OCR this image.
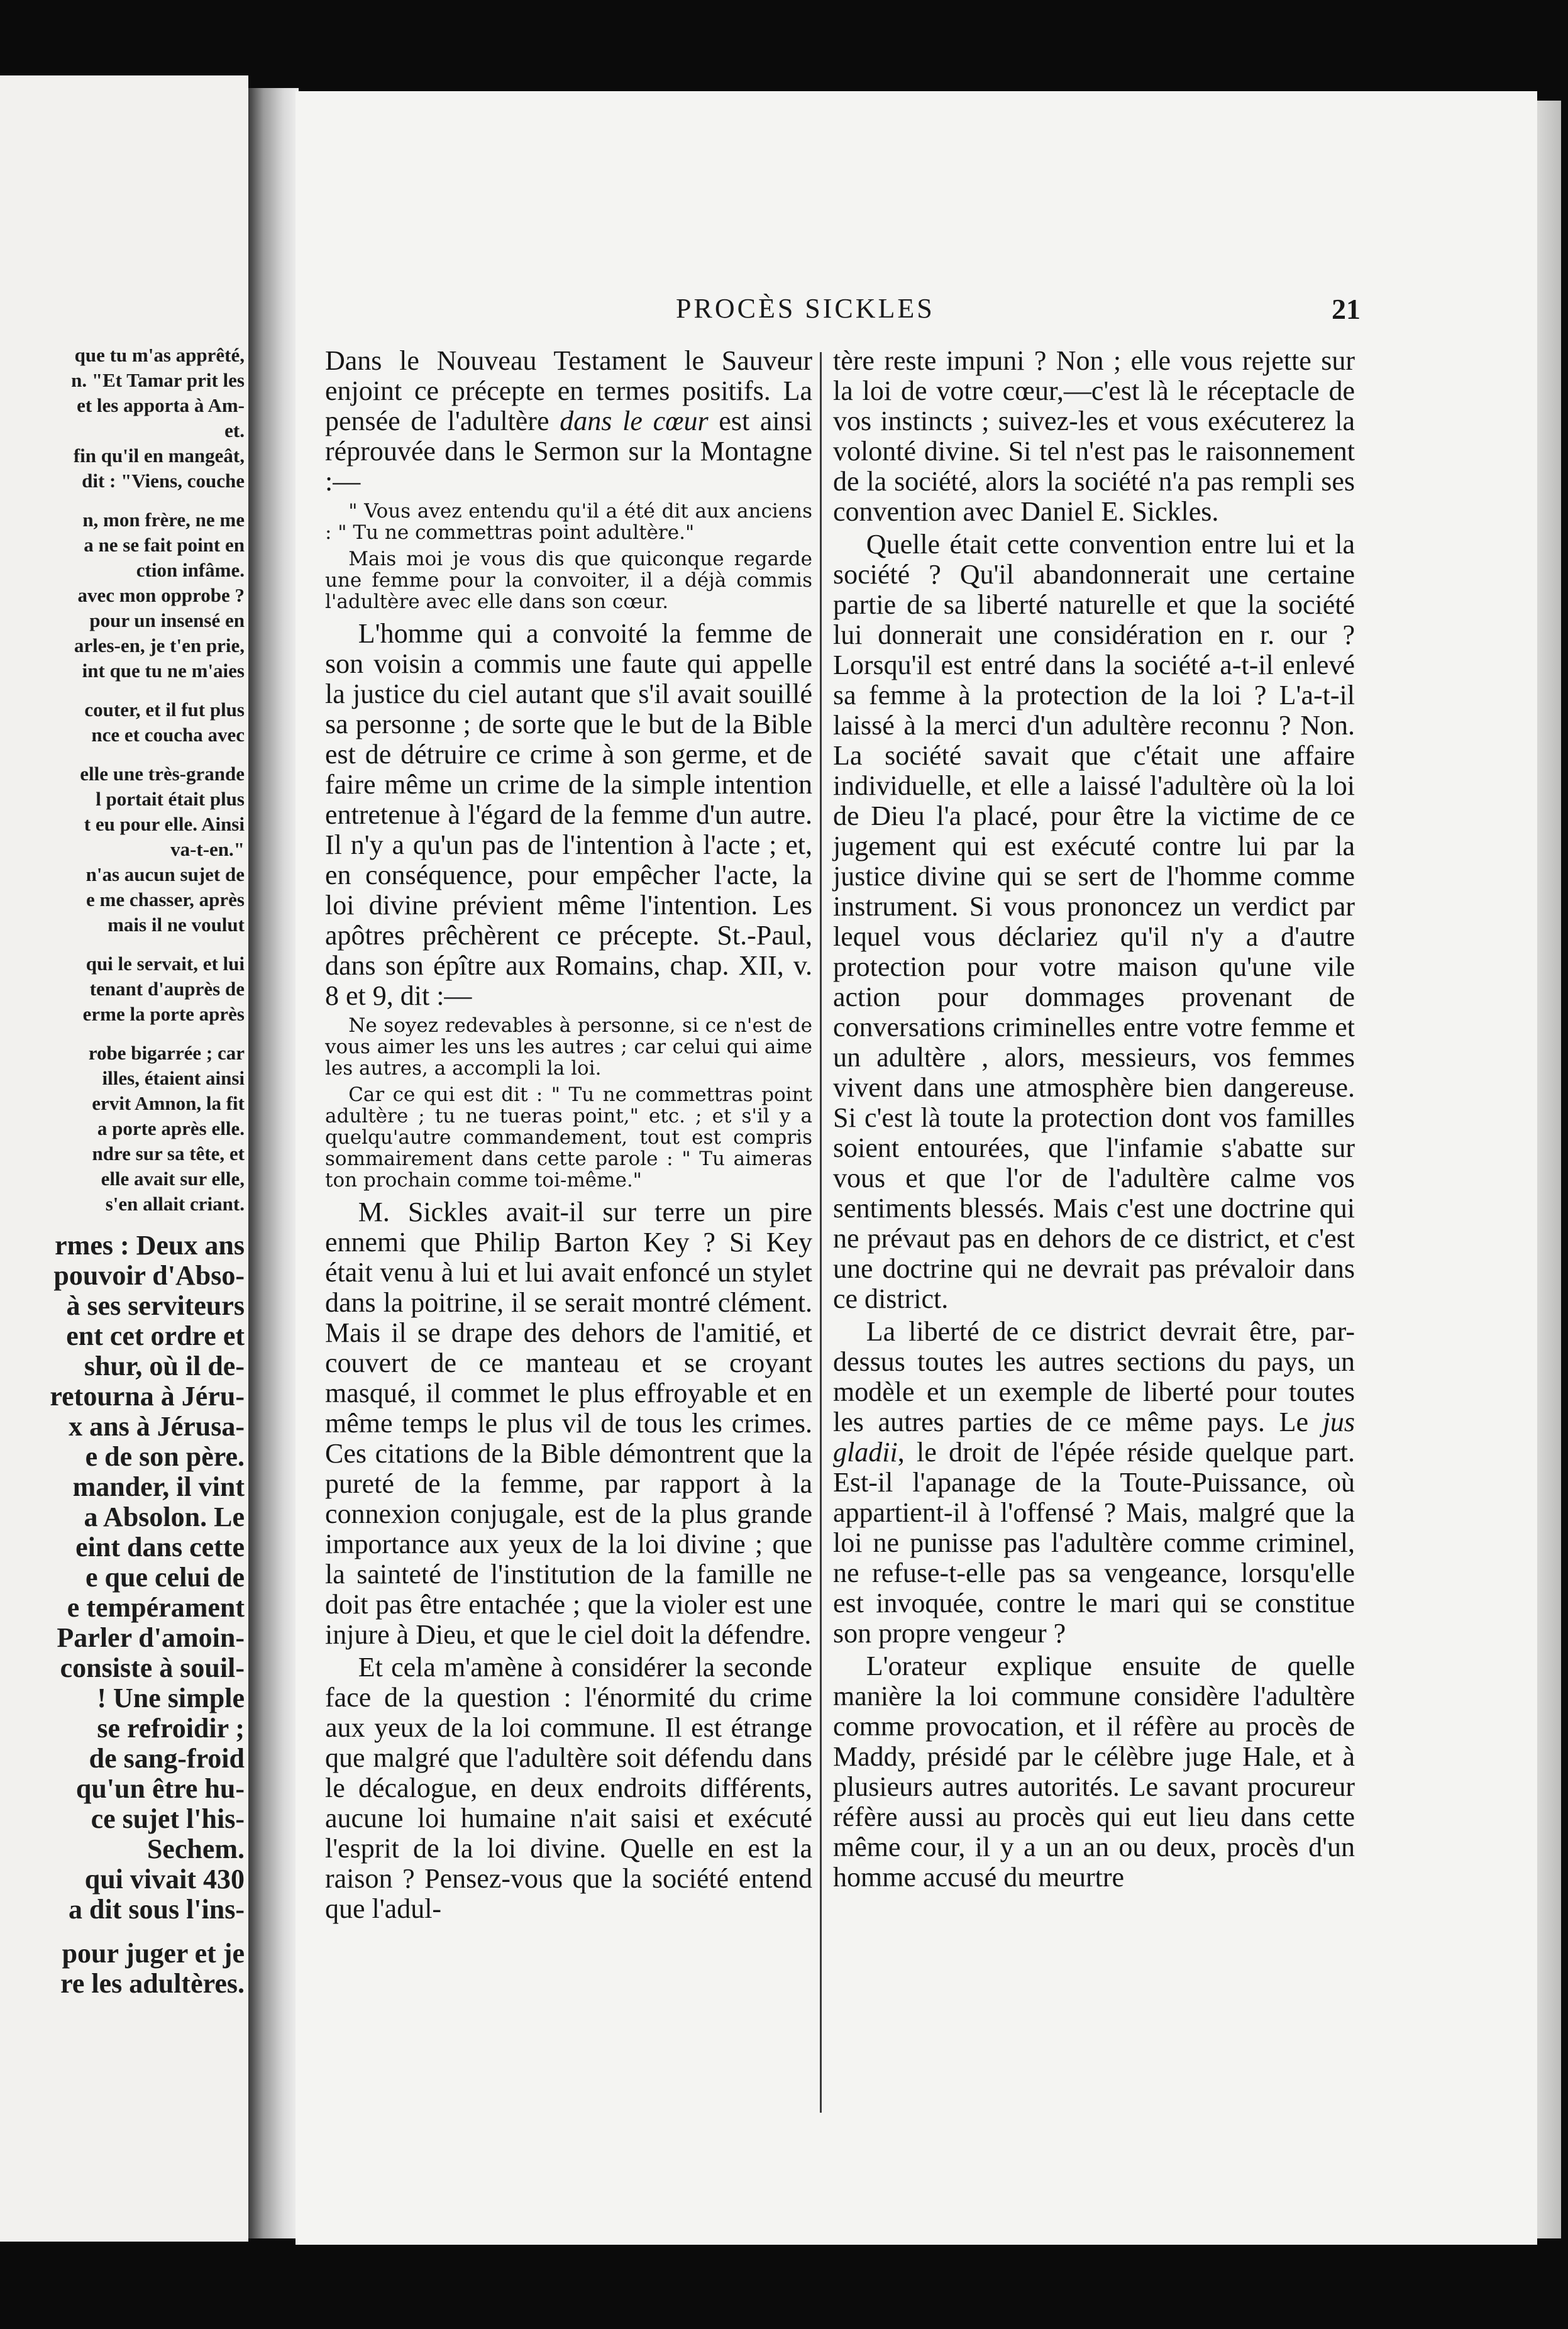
que tu m'as apprêté,
n. "Et Tamar prit les
et les apporta à Am-
et.
fin qu'il en mangeât,
dit : "Viens, couche
n, mon frère, ne me
a ne se fait point en
ction infâme.
avec mon opprobe ?
pour un insensé en
arles-en, je t'en prie,
int que tu ne m'aies
couter, et il fut plus
nce et coucha avec
elle une très-grande
l portait était plus
t eu pour elle. Ainsi
va-t-en."
n'as aucun sujet de
e me chasser, après
mais il ne voulut
qui le servait, et lui
tenant d'auprès de
erme la porte après
robe bigarrée ; car
illes, étaient ainsi
ervit Amnon, la fit
a porte après elle.
ndre sur sa tête, et
elle avait sur elle,
s'en allait criant.
rmes : Deux ans
pouvoir d'Abso-
à ses serviteurs
ent cet ordre et
shur, où il de-
retourna à Jéru-
x ans à Jérusa-
e de son père.
mander, il vint
a Absolon. Le
eint dans cette
e que celui de
e tempérament
Parler d'amoin-
consiste à souil-
! Une simple
se refroidir ;
de sang-froid
qu'un être hu-
ce sujet l'his-
Sechem.
qui vivait 430
a dit sous l'ins-
pour juger et je
re les adultères.
PROCÈS SICKLES	21

Dans le Nouveau Testament le Sauveur enjoint ce précepte en termes positifs. La pensée de l'adultère dans le cœur est ainsi réprouvée dans le Sermon sur la Montagne :—

" Vous avez entendu qu'il a été dit aux anciens : " Tu ne commettras point adultère."

Mais moi je vous dis que quiconque regarde une femme pour la convoiter, il a déjà commis l'adultère avec elle dans son cœur.

L'homme qui a convoité la femme de son voisin a commis une faute qui appelle la justice du ciel autant que s'il avait souillé sa personne ; de sorte que le but de la Bible est de détruire ce crime à son germe, et de faire même un crime de la simple intention entretenue à l'égard de la femme d'un autre. Il n'y a qu'un pas de l'intention à l'acte ; et, en conséquence, pour empêcher l'acte, la loi divine prévient même l'intention. Les apôtres prêchèrent ce précepte. St.-Paul, dans son épître aux Romains, chap. XII, v. 8 et 9, dit :—

Ne soyez redevables à personne, si ce n'est de vous aimer les uns les autres ; car celui qui aime les autres, a accompli la loi.

Car ce qui est dit : " Tu ne commettras point adultère ; tu ne tueras point," etc. ; et s'il y a quelqu'autre commandement, tout est compris sommairement dans cette parole : " Tu aimeras ton prochain comme toi-même."

M. Sickles avait-il sur terre un pire ennemi que Philip Barton Key ? Si Key était venu à lui et lui avait enfoncé un stylet dans la poitrine, il se serait montré clément. Mais il se drape des dehors de l'amitié, et couvert de ce manteau et se croyant masqué, il commet le plus effroyable et en même temps le plus vil de tous les crimes. Ces citations de la Bible démontrent que la pureté de la femme, par rapport à la connexion conjugale, est de la plus grande importance aux yeux de la loi divine ; que la sainteté de l'institution de la famille ne doit pas être entachée ; que la violer est une injure à Dieu, et que le ciel doit la défendre.

Et cela m'amène à considérer la seconde face de la question : l'énormité du crime aux yeux de la loi commune. Il est étrange que malgré que l'adultère soit défendu dans le décalogue, en deux endroits différents, aucune loi humaine n'ait saisi et exécuté l'esprit de la loi divine. Quelle en est la raison ? Pensez-vous que la société entend que l'adul-

tère reste impuni ? Non ; elle vous rejette sur la loi de votre cœur,—c'est là le réceptacle de vos instincts ; suivez-les et vous exécuterez la volonté divine. Si tel n'est pas le raisonnement de la société, alors la société n'a pas rempli ses convention avec Daniel E. Sickles.

Quelle était cette convention entre lui et la société ? Qu'il abandonnerait une certaine partie de sa liberté naturelle et que la société lui donnerait une considération en r. our ? Lorsqu'il est entré dans la société a-t-il enlevé sa femme à la protection de la loi ? L'a-t-il laissé à la merci d'un adultère reconnu ? Non. La société savait que c'était une affaire individuelle, et elle a laissé l'adultère où la loi de Dieu l'a placé, pour être la victime de ce jugement qui est exécuté contre lui par la justice divine qui se sert de l'homme comme instrument. Si vous prononcez un verdict par lequel vous déclariez qu'il n'y a d'autre protection pour votre maison qu'une vile action pour dommages provenant de conversations criminelles entre votre femme et un adultère , alors, messieurs, vos femmes vivent dans une atmosphère bien dangereuse. Si c'est là toute la protection dont vos familles soient entourées, que l'infamie s'abatte sur vous et que l'or de l'adultère calme vos sentiments blessés. Mais c'est une doctrine qui ne prévaut pas en dehors de ce district, et c'est une doctrine qui ne devrait pas prévaloir dans ce district.

La liberté de ce district devrait être, par-dessus toutes les autres sections du pays, un modèle et un exemple de liberté pour toutes les autres parties de ce même pays. Le jus gladii, le droit de l'épée réside quelque part. Est-il l'apanage de la Toute-Puissance, où appartient-il à l'offensé ? Mais, malgré que la loi ne punisse pas l'adultère comme criminel, ne refuse-t-elle pas sa vengeance, lorsqu'elle est invoquée, contre le mari qui se constitue son propre vengeur ?

L'orateur explique ensuite de quelle manière la loi commune considère l'adultère comme provocation, et il réfère au procès de Maddy, présidé par le célèbre juge Hale, et à plusieurs autres autorités. Le savant procureur réfère aussi au procès qui eut lieu dans cette même cour, il y a un an ou deux, procès d'un homme accusé du meurtre
